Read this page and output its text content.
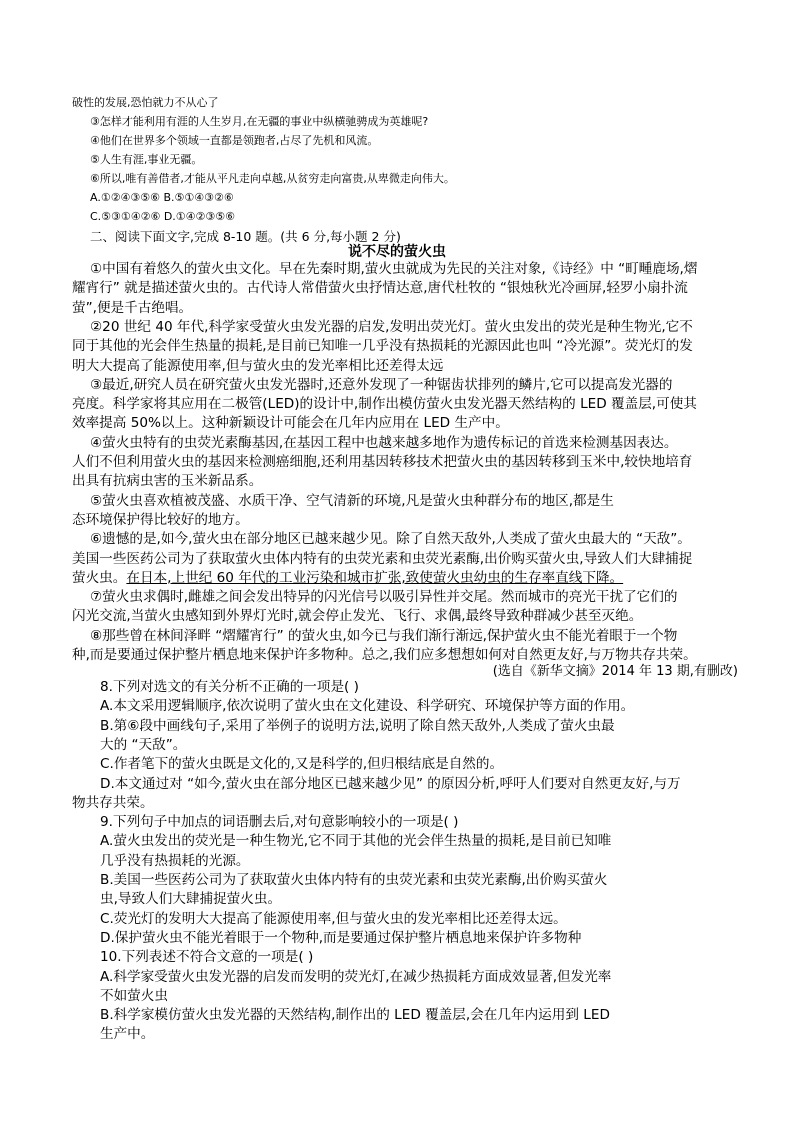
说不尽的萤火虫
(选自《新华文摘》2014 年 13 期,有删改)
破性的发展,恐怕就力不从心了
③怎样才能利用有涯的人生岁月,在无疆的事业中纵横驰骋成为英雄呢?
④他们在世界多个领域一直都是领跑者,占尽了先机和风流。
⑤人生有涯,事业无疆。
⑥所以,唯有善借者,才能从平凡走向卓越,从贫穷走向富贵,从卑微走向伟大。
A.①②④③⑤⑥ B.⑤①④③②⑥
C.⑤③①④②⑥ D.①④②③⑤⑥
二、阅读下面文字,完成 8-10 题。(共 6 分,每小题 2 分)
①中国有着悠久的萤火虫文化。早在先秦时期,萤火虫就成为先民的关注对象,《诗经》中 “町畽鹿场,熠
耀宵行” 就是描述萤火虫的。古代诗人常借萤火虫抒情达意,唐代杜牧的 “银烛秋光冷画屏,轻罗小扇扑流
萤”,便是千古绝唱。
②20 世纪 40 年代,科学家受萤火虫发光器的启发,发明出荧光灯。萤火虫发出的荧光是种生物光,它不
同于其他的光会伴生热量的损耗,是目前已知唯一几乎没有热损耗的光源因此也叫 “冷光源”。荧光灯的发
明大大提高了能源使用率,但与萤火虫的发光率相比还差得太远
③最近,研究人员在研究萤火虫发光器时,还意外发现了一种锯齿状排列的鳞片,它可以提高发光器的
亮度。科学家将其应用在二极管(LED)的设计中,制作出模仿萤火虫发光器天然结构的 LED 覆盖层,可使其
效率提高 50%以上。这种新颖设计可能会在几年内应用在 LED 生产中。
④萤火虫特有的虫荧光素酶基因,在基因工程中也越来越多地作为遗传标记的首选来检测基因表达。
人们不但利用萤火虫的基因来检测癌细胞,还利用基因转移技术把萤火虫的基因转移到玉米中,较快地培育
出具有抗病虫害的玉米新品系。
⑤萤火虫喜欢植被茂盛、水质干净、空气清新的环境,凡是萤火虫种群分布的地区,都是生
态环境保护得比较好的地方。
⑥遗憾的是,如今,萤火虫在部分地区已越来越少见。除了自然天敌外,人类成了萤火虫最大的 “天敌”。
美国一些医药公司为了获取萤火虫体内特有的虫荧光素和虫荧光素酶,出价购买萤火虫,导致人们大肆捕捉
萤火虫。在日本,上世纪 60 年代的工业污染和城市扩张,致使萤火虫幼虫的生存率直线下降。
⑦萤火虫求偶时,雌雄之间会发出特异的闪光信号以吸引异性并交尾。然而城市的亮光干扰了它们的
闪光交流,当萤火虫感知到外界灯光时,就会停止发光、飞行、求偶,最终导致种群减少甚至灭绝。
⑧那些曾在林间泽畔 “熠耀宵行” 的萤火虫,如今已与我们渐行渐远,保护萤火虫不能光着眼于一个物
种,而是要通过保护整片栖息地来保护许多物种。总之,我们应多想想如何对自然更友好,与万物共存共荣。
8.下列对选文的有关分析不正确的一项是( )
A.本文采用逻辑顺序,依次说明了萤火虫在文化建设、科学研究、环境保护等方面的作用。
B.第⑥段中画线句子,采用了举例子的说明方法,说明了除自然天敌外,人类成了萤火虫最
大的 “天敌”。
C.作者笔下的萤火虫既是文化的,又是科学的,但归根结底是自然的。
D.本文通过对 “如今,萤火虫在部分地区已越来越少见” 的原因分析,呼吁人们要对自然更友好,与万
物共存共荣。
9.下列句子中加点的词语删去后,对句意影响较小的一项是( )
A.萤火虫发出的荧光是一种生物光,它不同于其他的光会伴生热量的损耗,是目前已知唯
几乎没有热损耗的光源。
B.美国一些医药公司为了获取萤火虫体内特有的虫荧光素和虫荧光素酶,出价购买萤火
虫,导致人们大肆捕捉萤火虫。
C.荧光灯的发明大大提高了能源使用率,但与萤火虫的发光率相比还差得太远。
D.保护萤火虫不能光着眼于一个物种,而是要通过保护整片栖息地来保护许多物种
10.下列表述不符合文意的一项是( )
A.科学家受萤火虫发光器的启发而发明的荧光灯,在减少热损耗方面成效显著,但发光率
不如萤火虫
B.科学家模仿萤火虫发光器的天然结构,制作出的 LED 覆盖层,会在几年内运用到 LED
生产中。
